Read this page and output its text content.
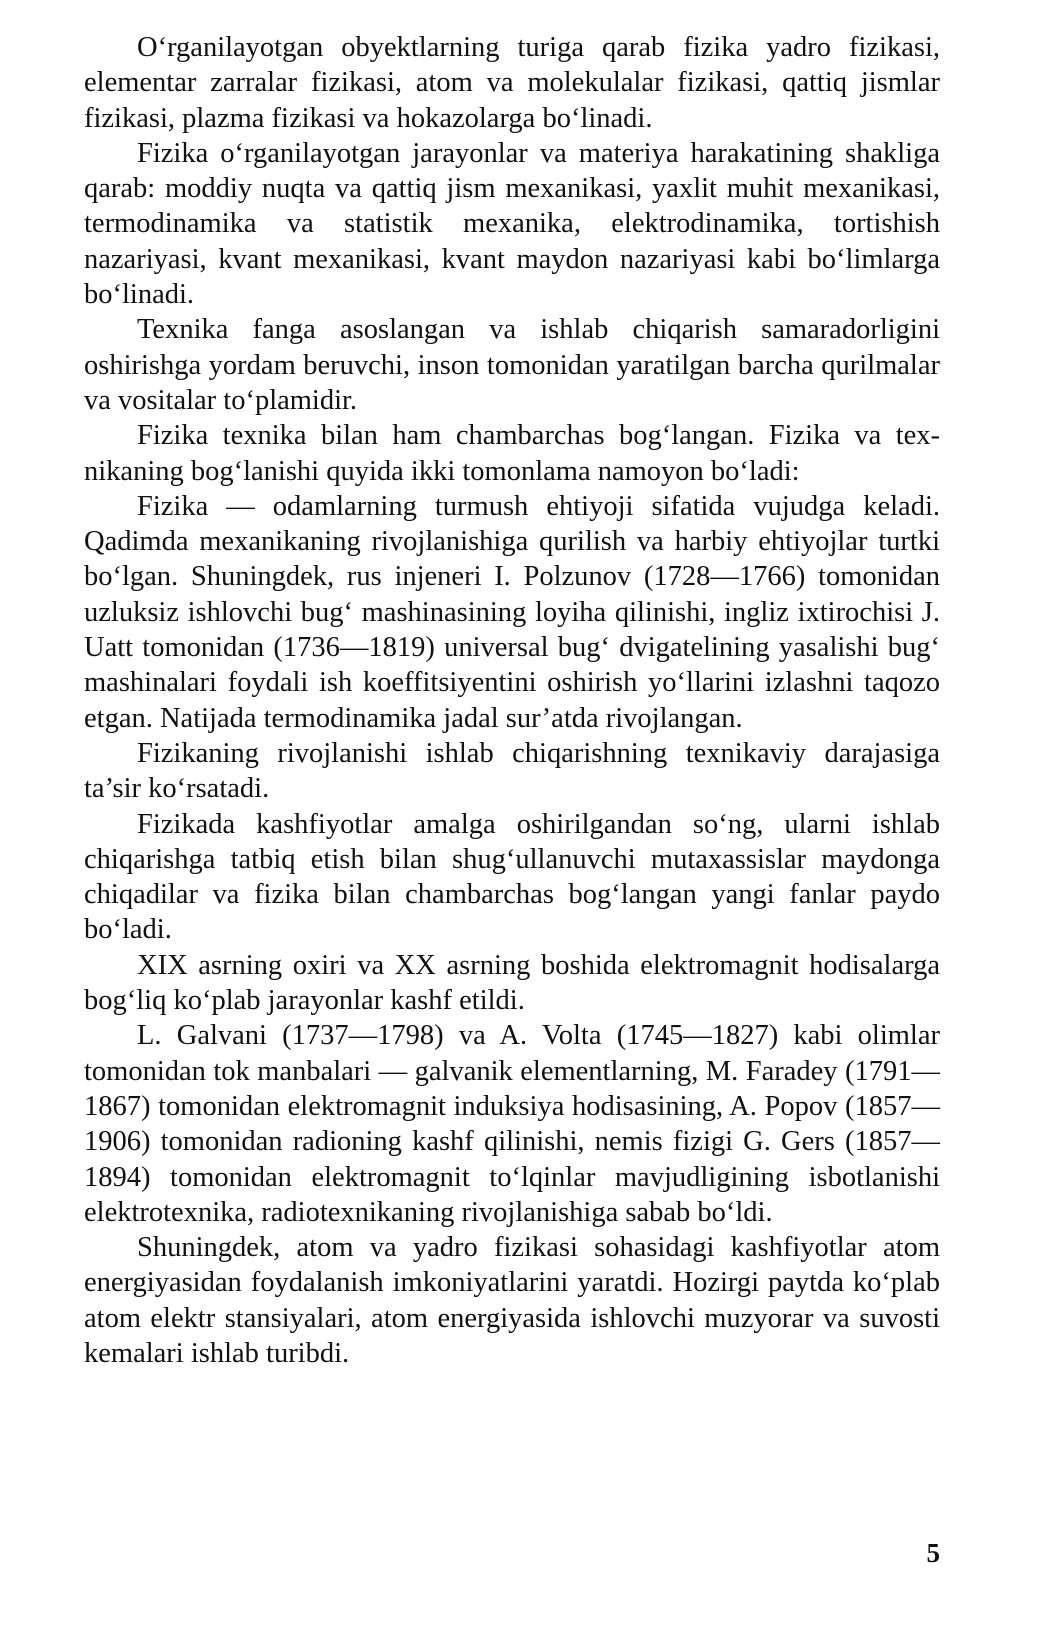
O‘rganilayotgan obyektlarning turiga qarab fizika yadro fizikasi, elementar zarralar fizikasi, atom va molekulalar fizikasi, qattiq jismlar fizikasi, plazma fizikasi va hokazolarga bo‘linadi.

Fizika o‘rganilayotgan jarayonlar va materiya harakatining shakliga qarab: moddiy nuqta va qattiq jism mexanikasi, yaxlit muhit mexanikasi, termodinamika va statistik mexanika, elektrodinamika, tortishish nazariyasi, kvant mexanikasi, kvant maydon nazariyasi kabi bo‘limlarga bo‘linadi.

Texnika fanga asoslangan va ishlab chiqarish samaradorligini oshirishga yordam beruvchi, inson tomonidan yaratilgan barcha qurilmalar va vositalar to‘plamidir.

Fizika texnika bilan ham chambarchas bog‘langan. Fizika va tex-nikaning bog‘lanishi quyida ikki tomonlama namoyon bo‘ladi:

Fizika — odamlarning turmush ehtiyoji sifatida vujudga keladi. Qadimda mexanikaning rivojlanishiga qurilish va harbiy ehtiyojlar turtki bo‘lgan. Shuningdek, rus injeneri I. Polzunov (1728—1766) tomonidan uzluksiz ishlovchi bug‘ mashinasining loyiha qilinishi, ingliz ixtirochisi J. Uatt tomonidan (1736—1819) universal bug‘ dvigatelining yasalishi bug‘ mashinalari foydali ish koeffitsiyentini oshirish yo‘llarini izlashni taqozo etgan. Natijada termodinamika jadal sur’atda rivojlangan.

Fizikaning rivojlanishi ishlab chiqarishning texnikaviy darajasiga ta’sir ko‘rsatadi.

Fizikada kashfiyotlar amalga oshirilgandan so‘ng, ularni ishlab chiqarishga tatbiq etish bilan shug‘ullanuvchi mutaxassislar maydonga chiqadilar va fizika bilan chambarchas bog‘langan yangi fanlar paydo bo‘ladi.

XIX asrning oxiri va XX asrning boshida elektromagnit hodisalarga bog‘liq ko‘plab jarayonlar kashf etildi.

L. Galvani (1737—1798) va A. Volta (1745—1827) kabi olimlar tomonidan tok manbalari — galvanik elementlarning, M. Faradey (1791—1867) tomonidan elektromagnit induksiya hodisasining, A. Popov (1857—1906) tomonidan radioning kashf qilinishi, nemis fizigi G. Gers (1857—1894) tomonidan elektromagnit to‘lqinlar mavjudligining isbotlanishi elektrotexnika, radiotexnikaning rivojlanishiga sabab bo‘ldi.

Shuningdek, atom va yadro fizikasi sohasidagi kashfiyotlar atom energiyasidan foydalanish imkoniyatlarini yaratdi. Hozirgi paytda ko‘plab atom elektr stansiyalari, atom energiyasida ishlovchi muzyorar va suvosti kemalari ishlab turibdi.

5
